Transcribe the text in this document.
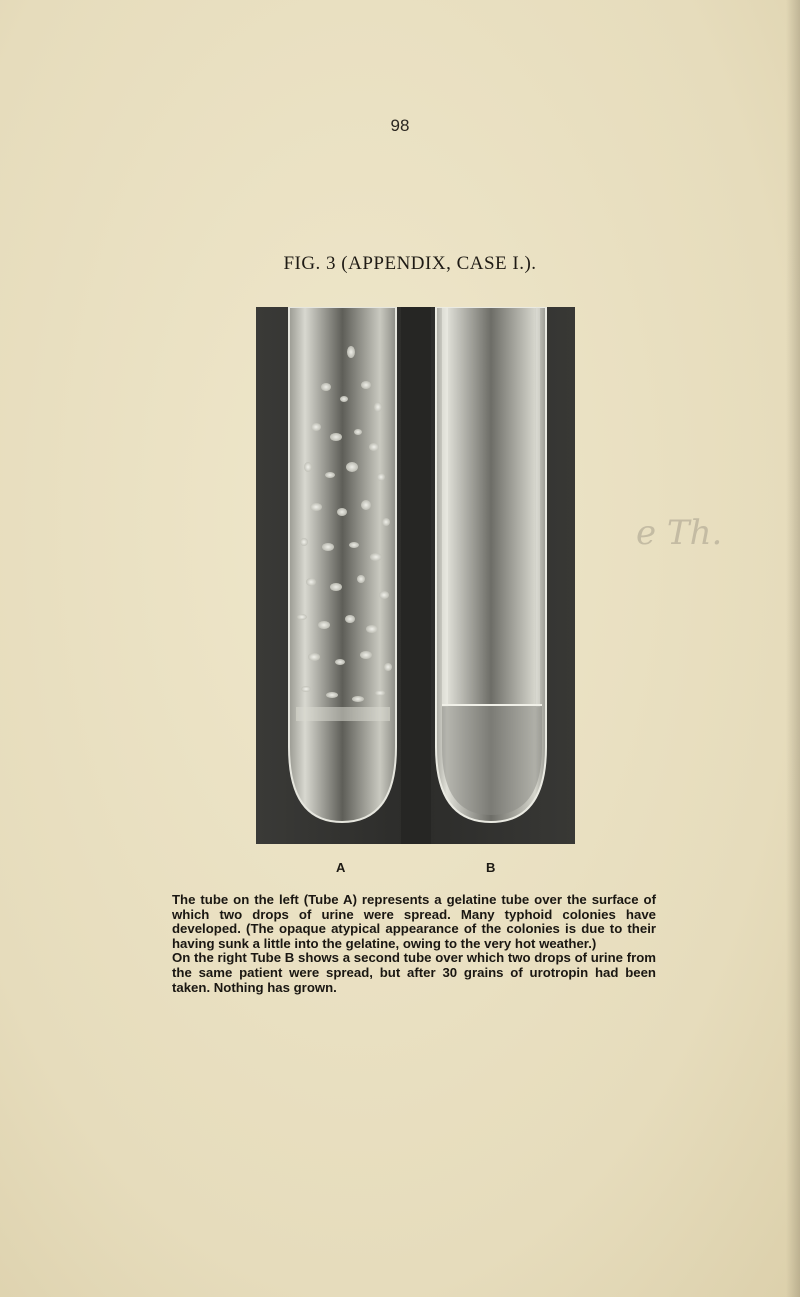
98
FIG. 3 (APPENDIX, CASE I.).
e Th.
A	B

The tube on the left (Tube A) represents a gelatine tube over the surface of which two drops of urine were spread. Many typhoid colonies have developed. (The opaque atypical appearance of the colonies is due to their having sunk a little into the gelatine, owing to the very hot weather.)

On the right Tube B shows a second tube over which two drops of urine from the same patient were spread, but after 30 grains of urotropin had been taken. Nothing has grown.
